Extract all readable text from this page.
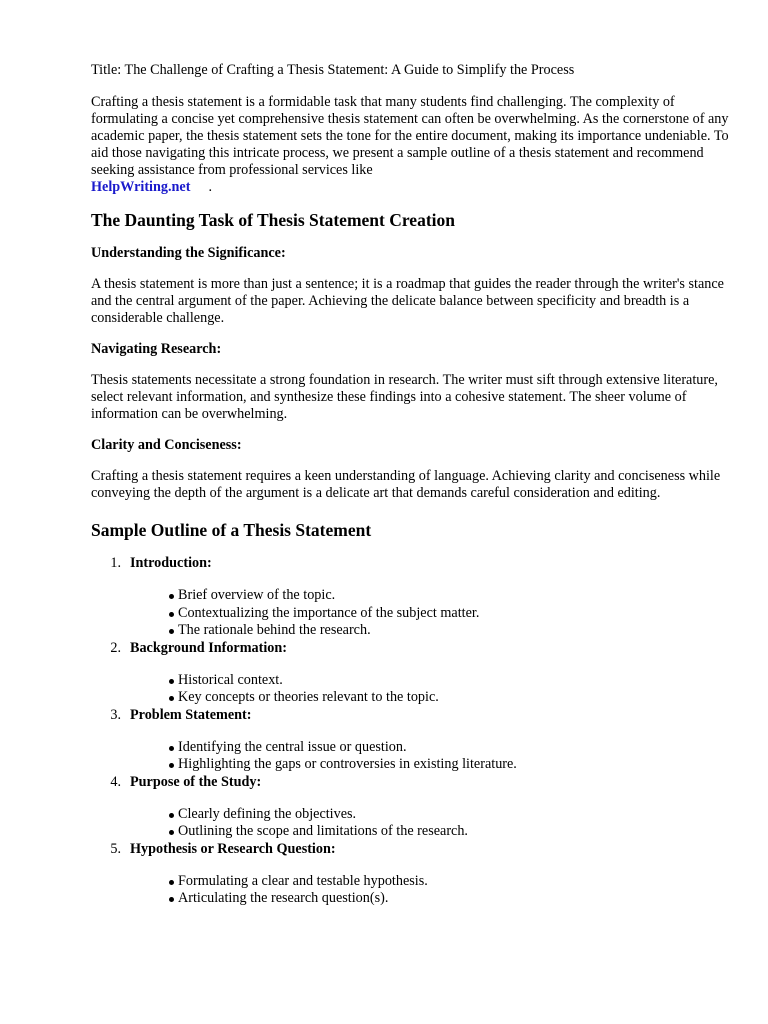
Title: The Challenge of Crafting a Thesis Statement: A Guide to Simplify the Process

Crafting a thesis statement is a formidable task that many students find challenging. The complexity of formulating a concise yet comprehensive thesis statement can often be overwhelming. As the cornerstone of any academic paper, the thesis statement sets the tone for the entire document, making its importance undeniable. To aid those navigating this intricate process, we present a sample outline of a thesis statement and recommend seeking assistance from professional services like
HelpWriting.net .

The Daunting Task of Thesis Statement Creation
Understanding the Significance:

A thesis statement is more than just a sentence; it is a roadmap that guides the reader through the writer's stance and the central argument of the paper. Achieving the delicate balance between specificity and breadth is a considerable challenge.

Navigating Research:

Thesis statements necessitate a strong foundation in research. The writer must sift through extensive literature, select relevant information, and synthesize these findings into a cohesive statement. The sheer volume of information can be overwhelming.

Clarity and Conciseness:

Crafting a thesis statement requires a keen understanding of language. Achieving clarity and conciseness while conveying the depth of the argument is a delicate art that demands careful consideration and editing.

Sample Outline of a Thesis Statement
1. Introduction:
Brief overview of the topic.
Contextualizing the importance of the subject matter.
The rationale behind the research.
2. Background Information:
Historical context.
Key concepts or theories relevant to the topic.
3. Problem Statement:
Identifying the central issue or question.
Highlighting the gaps or controversies in existing literature.
4. Purpose of the Study:
Clearly defining the objectives.
Outlining the scope and limitations of the research.
5. Hypothesis or Research Question:
Formulating a clear and testable hypothesis.
Articulating the research question(s).
